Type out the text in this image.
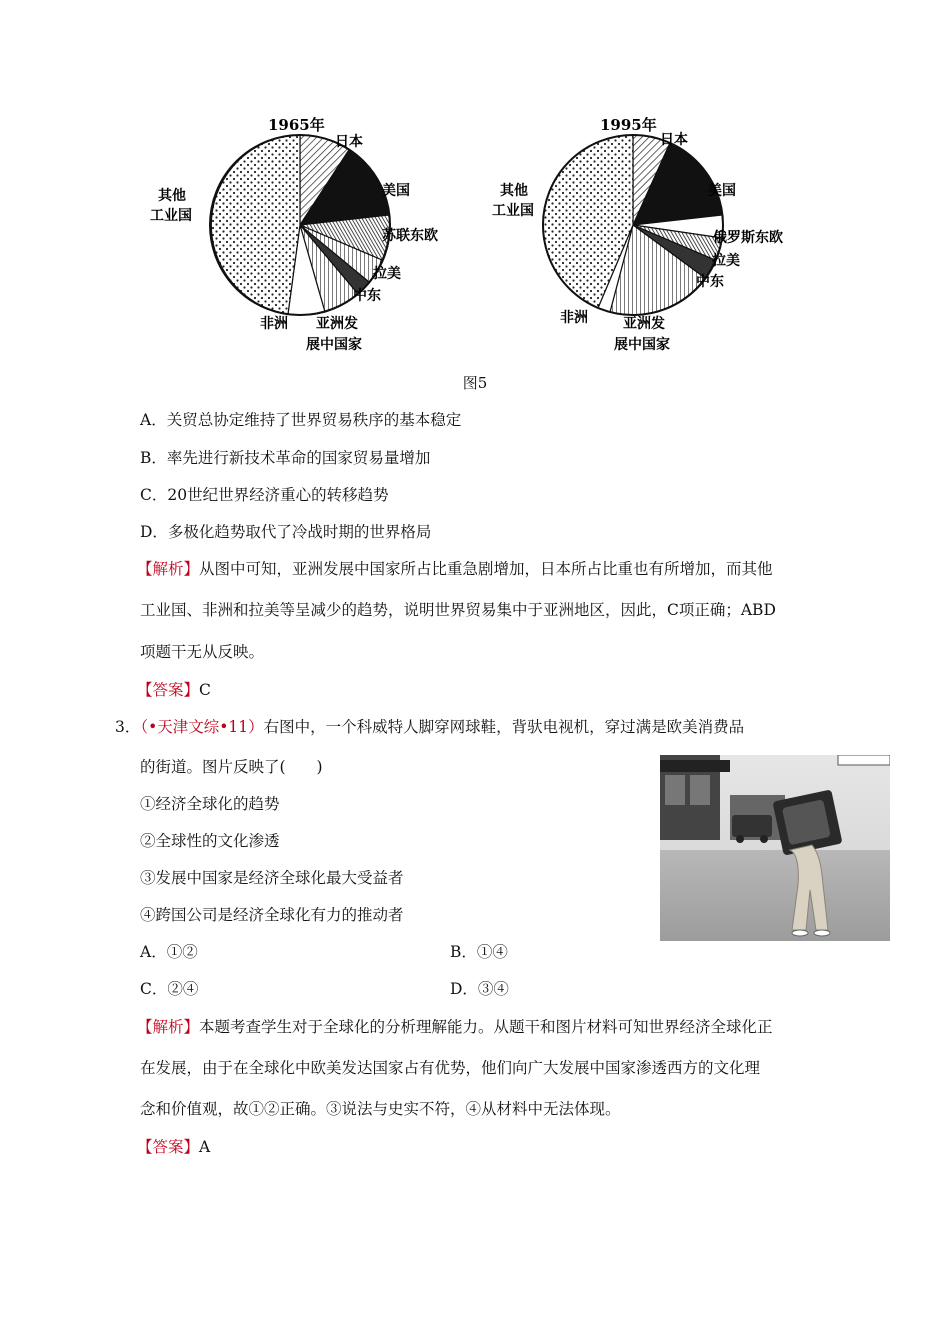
1965年
日本
美国
苏联东欧
拉美
中东
亚洲发
展中国家
非洲
其他
工业国
1995年
日本
美国
俄罗斯东欧
拉美
中东
亚洲发
展中国家
非洲
其他
工业国
图5
A．关贸总协定维持了世界贸易秩序的基本稳定
B．率先进行新技术革命的国家贸易量增加
C．20世纪世界经济重心的转移趋势
D．多极化趋势取代了冷战时期的世界格局
【解析】从图中可知，亚洲发展中国家所占比重急剧增加，日本所占比重也有所增加，而其他
工业国、非洲和拉美等呈减少的趋势，说明世界贸易集中于亚洲地区，因此，C项正确；ABD
项题干无从反映。
【答案】C
3．（•天津文综•11）右图中，一个科威特人脚穿网球鞋，背驮电视机，穿过满是欧美消费品
的街道。图片反映了(　　)
①经济全球化的趋势
②全球性的文化渗透
③发展中国家是经济全球化最大受益者
④跨国公司是经济全球化有力的推动者
A．①②	B．①④
C．②④	D．③④
【解析】本题考查学生对于全球化的分析理解能力。从题干和图片材料可知世界经济全球化正
在发展，由于在全球化中欧美发达国家占有优势，他们向广大发展中国家渗透西方的文化理
念和价值观，故①②正确。③说法与史实不符，④从材料中无法体现。
【答案】A
